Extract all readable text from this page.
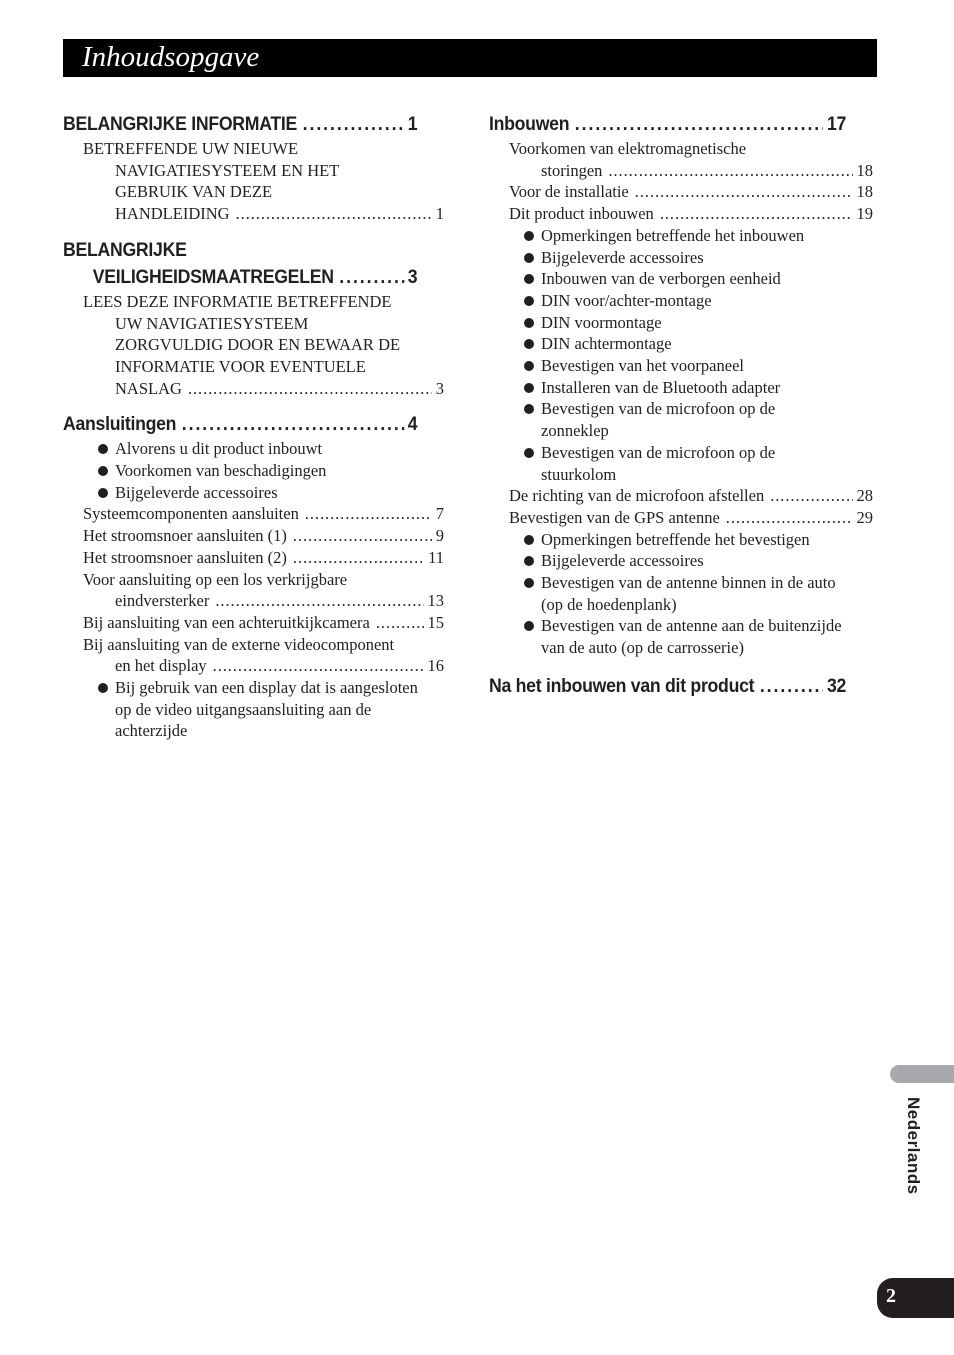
Inhoudsopgave
BELANGRIJKE INFORMATIE . . .	1
BETREFFENDE UW NIEUWE
NAVIGATIESYSTEEM EN HET
GEBRUIK VAN DEZE
HANDLEIDING . . .	1
BELANGRIJKE
VEILIGHEIDSMAATREGELEN . . .	3
LEES DEZE INFORMATIE BETREFFENDE
UW NAVIGATIESYSTEEM
ZORGVULDIG DOOR EN BEWAAR DE
INFORMATIE VOOR EVENTUELE
NASLAG . . .	3
Aansluitingen . . .	4
Alvorens u dit product inbouwt
Voorkomen van beschadigingen
Bijgeleverde accessoires
Systeemcomponenten aansluiten . . .	7
Het stroomsnoer aansluiten (1) . . .	9
Het stroomsnoer aansluiten (2) . . .	11
Voor aansluiting op een los verkrijgbare
eindversterker . . .	13
Bij aansluiting van een achteruitkijkcamera . . .	15
Bij aansluiting van de externe videocomponent
en het display . . .	16
Bij gebruik van een display dat is aangesloten
op de video uitgangsaansluiting aan de
achterzijde
Inbouwen . . .	17
Voorkomen van elektromagnetische
storingen . . .	18
Voor de installatie . . .	18
Dit product inbouwen . . .	19
Opmerkingen betreffende het inbouwen
Bijgeleverde accessoires
Inbouwen van de verborgen eenheid
DIN voor/achter-montage
DIN voormontage
DIN achtermontage
Bevestigen van het voorpaneel
Installeren van de Bluetooth adapter
Bevestigen van de microfoon op de
zonneklep
Bevestigen van de microfoon op de
stuurkolom
De richting van de microfoon afstellen . . .	28
Bevestigen van de GPS antenne . . .	29
Opmerkingen betreffende het bevestigen
Bijgeleverde accessoires
Bevestigen van de antenne binnen in de auto
(op de hoedenplank)
Bevestigen van de antenne aan de buitenzijde
van de auto (op de carrosserie)
Na het inbouwen van dit product . . .	32
Nederlands
2
